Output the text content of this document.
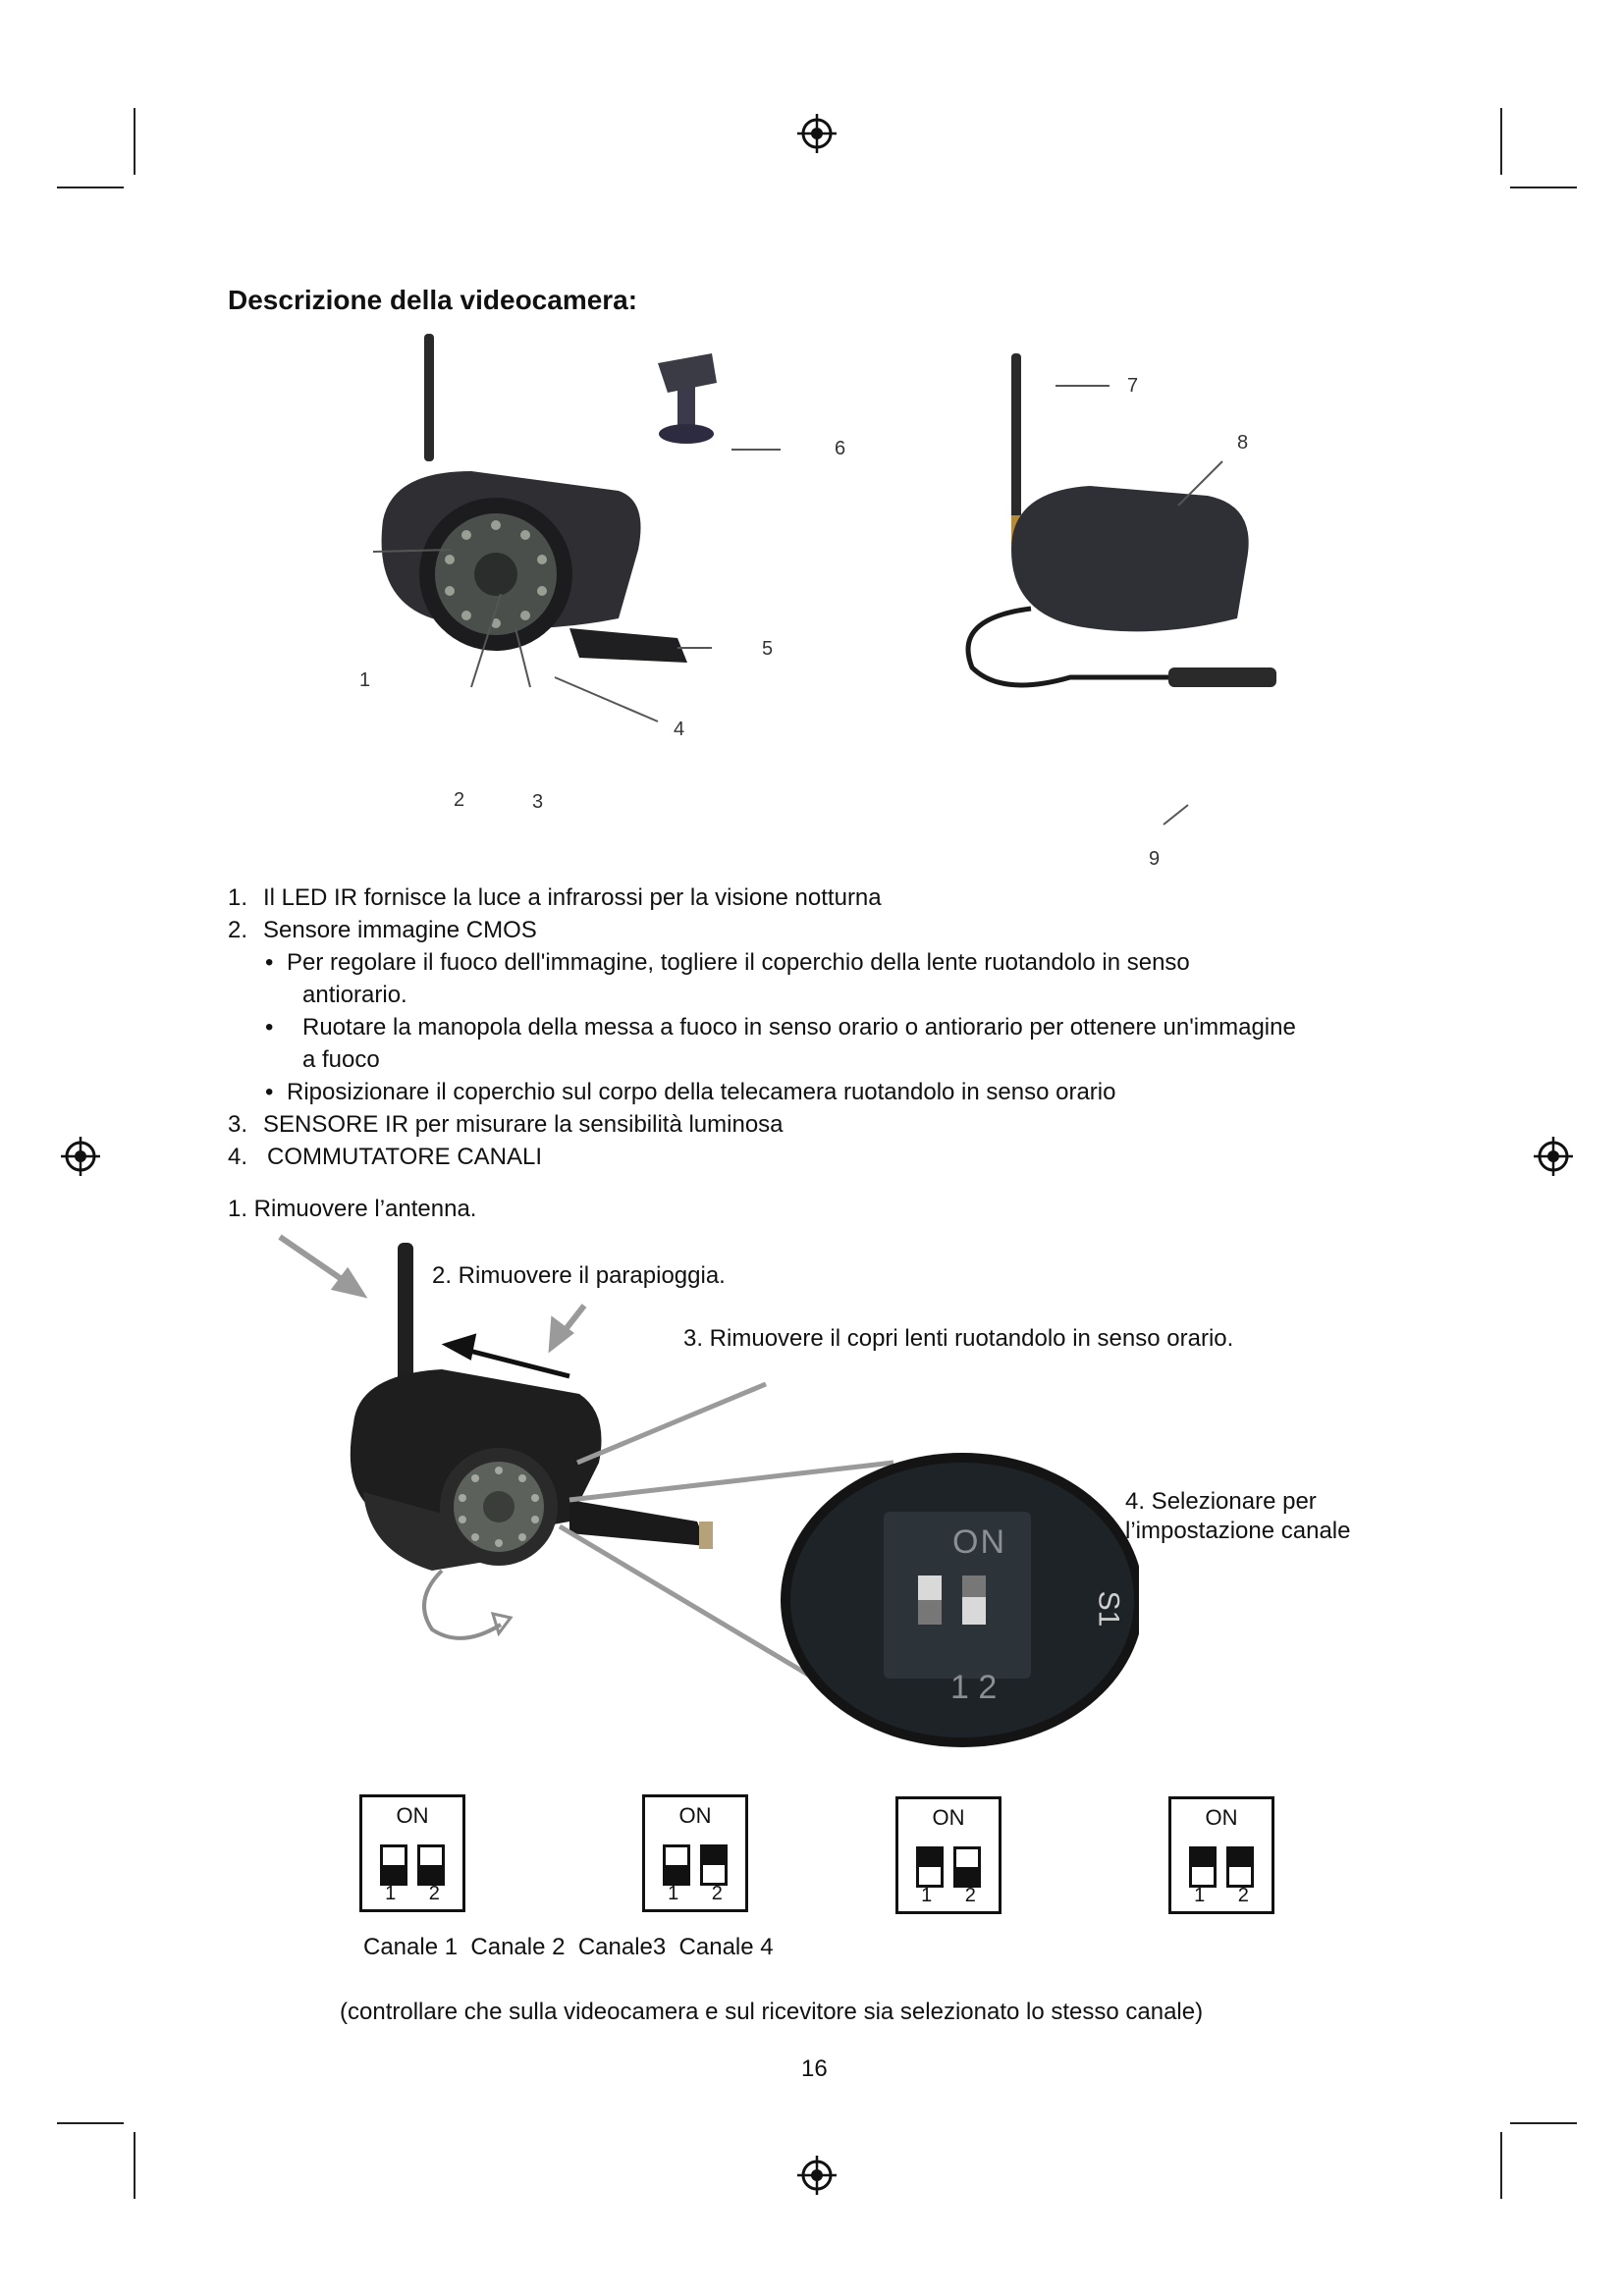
Descrizione della videocamera:
1
2	3
4
5
6
7
8
9
1. Il LED IR fornisce la luce a infrarossi per la visione notturna
2. Sensore immagine CMOS
• Per regolare il fuoco dell'immagine, togliere il coperchio della lente ruotandolo in senso
antiorario.
• Ruotare la manopola della messa a fuoco in senso orario o antiorario per ottenere un'immagine
a fuoco
• Riposizionare il coperchio sul corpo della telecamera ruotandolo in senso orario
3. SENSORE IR per misurare la sensibilità luminosa
4. COMMUTATORE CANALI
1. Rimuovere l’antenna.
2. Rimuovere il parapioggia.
3. Rimuovere il copri lenti ruotandolo in senso orario.
4. Selezionare per
l’impostazione canale
ON
1 2
S1
ON
1 2
ON
1 2
ON
1 2
ON
1 2
Canale 1  Canale 2  Canale3  Canale 4
(controllare che sulla videocamera e sul ricevitore sia selezionato lo stesso canale)
16
